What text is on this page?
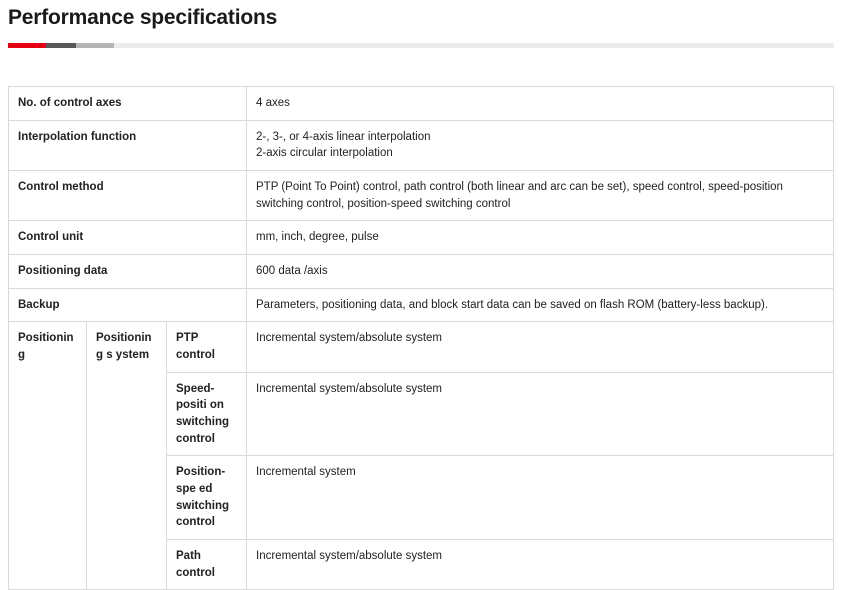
Performance specifications
No. of control axes			4 axes
Interpolation function			2-, 3-, or 4-axis linear interpolation
2-axis circular interpolation

Control method			PTP (Point To Point) control, path control (both linear and arc can be set), speed control, speed-position switching control, position-speed switching control
Control unit			mm, inch, degree, pulse
Positioning data			600 data /axis
Backup			Parameters, positioning data, and block start data can be saved on flash ROM (battery-less backup).
Positioning	Positioning s ystem	PTP control	Incremental system/absolute system
		Speed-positi on switching control	Incremental system/absolute system
		Position-spe ed switching control	Incremental system
		Path control	Incremental system/absolute system
